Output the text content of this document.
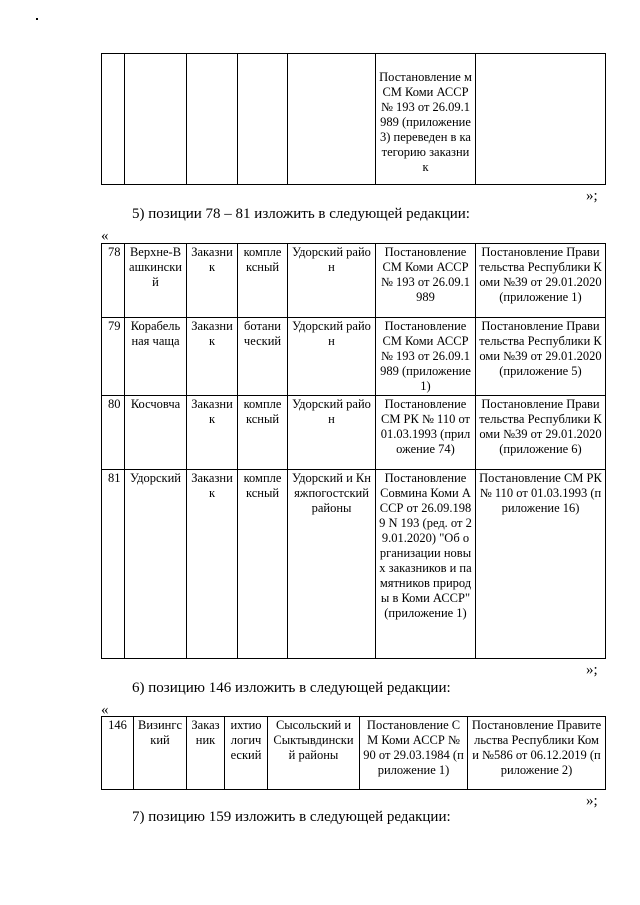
					Постановление м СМ Коми АССР № 193 от 26.09.1989 (приложение 3) переведен в категорию заказник	
»;
5) позиции 78 – 81 изложить в следующей редакции:
«
78	Верхне-Вашкинский	Заказник	комплексный	Удорский район	Постановление СМ Коми АССР № 193 от 26.09.1989	Постановление Правительства Республики Коми №39 от 29.01.2020 (приложение 1)
79	Корабельная чаща	Заказник	ботанический	Удорский район	Постановление СМ Коми АССР № 193 от 26.09.1989 (приложение 1)	Постановление Правительства Республики Коми №39 от 29.01.2020 (приложение 5)
80	Косчовча	Заказник	комплексный	Удорский район	Постановление СМ РК № 110 от 01.03.1993 (приложение 74)	Постановление Правительства Республики Коми №39 от 29.01.2020 (приложение 6)
81	Удорский	Заказник	комплексный	Удорский и Княжпогостский районы	Постановление Совмина Коми АССР от 26.09.1989 N 193 (ред. от 29.01.2020) "Об организации новых заказников и памятников природы в Коми АССР" (приложение 1)	Постановление СМ РК № 110 от 01.03.1993 (приложение 16)
»;
6) позицию 146 изложить в следующей редакции:
«
146	Визингский	Заказник	ихтиологический	Сысольский и Сыктывдинский районы	Постановление СМ Коми АССР № 90 от 29.03.1984 (приложение 1)	Постановление Правительства Республики Коми №586 от 06.12.2019 (приложение 2)
»;
7) позицию 159 изложить в следующей редакции:
